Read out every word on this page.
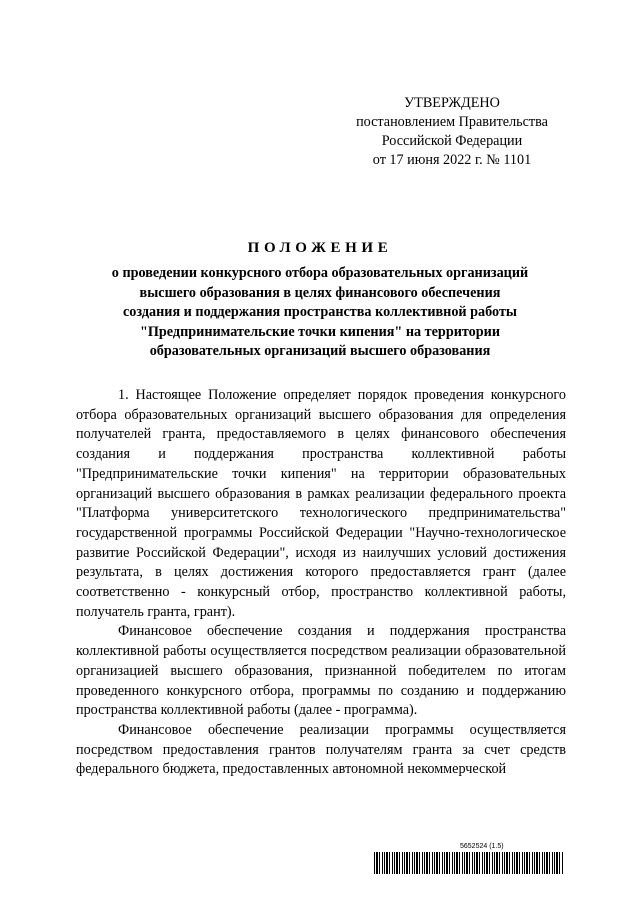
УТВЕРЖДЕНО
постановлением Правительства
Российской Федерации
от 17 июня 2022 г. № 1101
ПОЛОЖЕНИЕ
о проведении конкурсного отбора образовательных организаций
высшего образования в целях финансового обеспечения
создания и поддержания пространства коллективной работы
"Предпринимательские точки кипения" на территории
образовательных организаций высшего образования

1. Настоящее Положение определяет порядок проведения конкурсного отбора образовательных организаций высшего образования для определения получателей гранта, предоставляемого в целях финансового обеспечения создания и поддержания пространства коллективной работы "Предпринимательские точки кипения" на территории образовательных организаций высшего образования в рамках реализации федерального проекта "Платформа университетского технологического предпринимательства" государственной программы Российской Федерации "Научно-технологическое развитие Российской Федерации", исходя из наилучших условий достижения результата, в целях достижения которого предоставляется грант (далее соответственно - конкурсный отбор, пространство коллективной работы, получатель гранта, грант).

Финансовое обеспечение создания и поддержания пространства коллективной работы осуществляется посредством реализации образовательной организацией высшего образования, признанной победителем по итогам проведенного конкурсного отбора, программы по созданию и поддержанию пространства коллективной работы (далее - программа).

Финансовое обеспечение реализации программы осуществляется посредством предоставления грантов получателям гранта за счет средств федерального бюджета, предоставленных автономной некоммерческой

5652524 (1.5)
